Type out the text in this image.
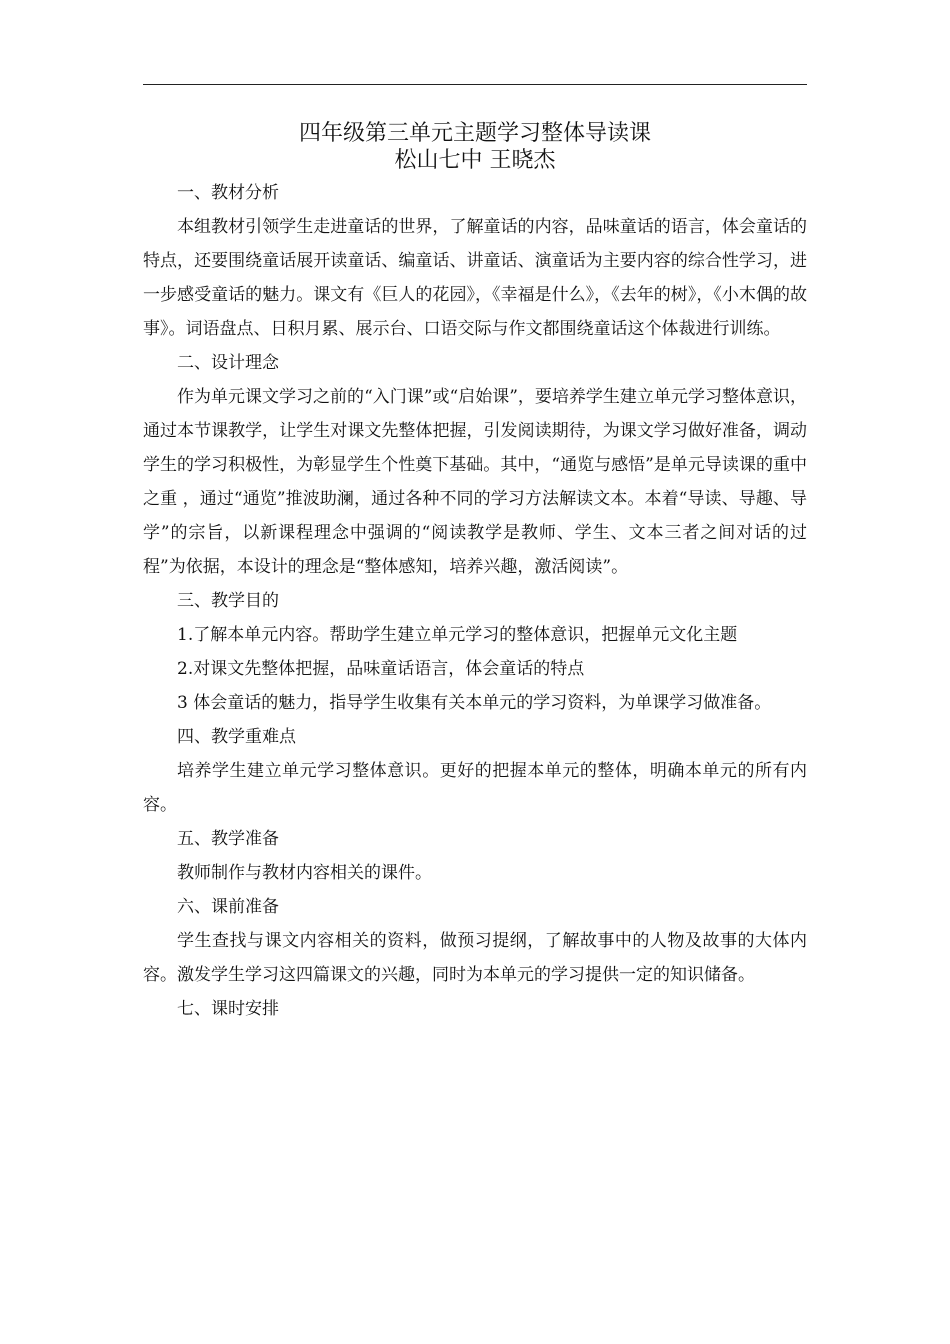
四年级第三单元主题学习整体导读课

松山七中 王晓杰

一、教材分析

本组教材引领学生走进童话的世界，了解童话的内容，品味童话的语言，体会童话的特点，还要围绕童话展开读童话、编童话、讲童话、演童话为主要内容的综合性学习，进一步感受童话的魅力。课文有《巨人的花园》，《幸福是什么》，《去年的树》，《小木偶的故事》。词语盘点、日积月累、展示台、口语交际与作文都围绕童话这个体裁进行训练。

二、设计理念

作为单元课文学习之前的“入门课”或“启始课”，要培养学生建立单元学习整体意识，通过本节课教学，让学生对课文先整体把握，引发阅读期待，为课文学习做好准备，调动学生的学习积极性，为彰显学生个性奠下基础。其中，“通览与感悟”是单元导读课的重中之重 ，通过“通览”推波助澜，通过各种不同的学习方法解读文本。本着“导读、导趣、导学”的宗旨，以新课程理念中强调的“阅读教学是教师、学生、文本三者之间对话的过程”为依据，本设计的理念是“整体感知，培养兴趣，激活阅读”。

三、教学目的

1.了解本单元内容。帮助学生建立单元学习的整体意识，把握单元文化主题

2.对课文先整体把握，品味童话语言，体会童话的特点

3 体会童话的魅力，指导学生收集有关本单元的学习资料，为单课学习做准备。

四、教学重难点

培养学生建立单元学习整体意识。更好的把握本单元的整体，明确本单元的所有内容。

五、教学准备

教师制作与教材内容相关的课件。

六、课前准备

学生查找与课文内容相关的资料，做预习提纲，了解故事中的人物及故事的大体内容。激发学生学习这四篇课文的兴趣，同时为本单元的学习提供一定的知识储备。

七、课时安排
